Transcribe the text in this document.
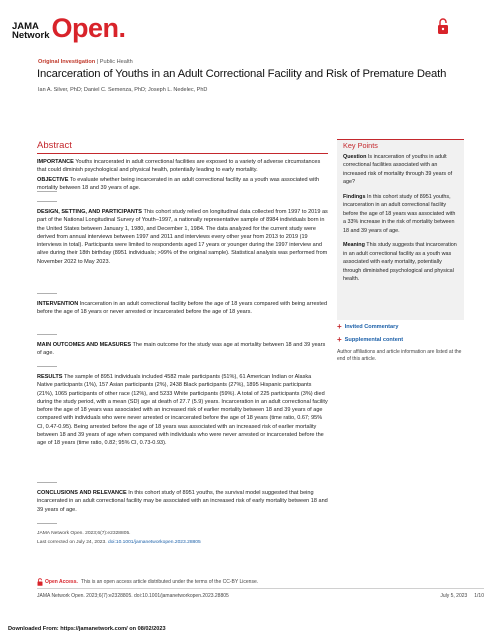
JAMA
Network Open.
Original Investigation | Public Health
Incarceration of Youths in an Adult Correctional Facility and Risk of Premature Death
Ian A. Silver, PhD; Daniel C. Semenza, PhD; Joseph L. Nedelec, PhD
Abstract

IMPORTANCE Youths incarcerated in adult correctional facilities are exposed to a variety of adverse circumstances that could diminish psychological and physical health, potentially leading to early mortality.

OBJECTIVE To evaluate whether being incarcerated in an adult correctional facility as a youth was associated with mortality between 18 and 39 years of age.

DESIGN, SETTING, AND PARTICIPANTS This cohort study relied on longitudinal data collected from 1997 to 2019 as part of the National Longitudinal Survey of Youth–1997, a nationally representative sample of 8984 individuals born in the United States between January 1, 1980, and December 1, 1984. The data analyzed for the current study were derived from annual interviews between 1997 and 2011 and interviews every other year from 2013 to 2019 (19 interviews in total). Participants were limited to respondents aged 17 years or younger during the 1997 interview and alive during their 18th birthday (8951 individuals; >99% of the original sample). Statistical analysis was performed from November 2022 to May 2023.

INTERVENTION Incarceration in an adult correctional facility before the age of 18 years compared with being arrested before the age of 18 years or never arrested or incarcerated before the age of 18 years.

MAIN OUTCOMES AND MEASURES The main outcome for the study was age at mortality between 18 and 39 years of age.

RESULTS The sample of 8951 individuals included 4582 male participants (51%), 61 American Indian or Alaska Native participants (1%), 157 Asian participants (2%), 2438 Black participants (27%), 1895 Hispanic participants (21%), 1065 participants of other race (12%), and 5233 White participants (59%). A total of 225 participants (3%) died during the study period, with a mean (SD) age at death of 27.7 (5.9) years. Incarceration in an adult correctional facility before the age of 18 years was associated with an increased risk of earlier mortality between 18 and 39 years of age compared with individuals who were never arrested or incarcerated before the age of 18 years (time ratio, 0.67; 95% CI, 0.47-0.95). Being arrested before the age of 18 years was associated with an increased risk of earlier mortality between 18 and 39 years of age when compared with individuals who were never arrested or incarcerated before the age of 18 years (time ratio, 0.82; 95% CI, 0.73-0.93).

CONCLUSIONS AND RELEVANCE In this cohort study of 8951 youths, the survival model suggested that being incarcerated in an adult correctional facility may be associated with an increased risk of early mortality between 18 and 39 years of age.

JAMA Network Open. 2023;6(7):e2328805.
Last corrected on July 24, 2023. doi:10.1001/jamanetworkopen.2023.28805
Key Points

Question Is incarceration of youths in adult correctional facilities associated with an increased risk of mortality through 39 years of age?

Findings In this cohort study of 8951 youths, incarceration in an adult correctional facility before the age of 18 years was associated with a 33% increase in the risk of mortality between 18 and 39 years of age.

Meaning This study suggests that incarceration in an adult correctional facility as a youth was associated with early mortality, potentially through diminished psychological and physical health.

+ Invited Commentary
+ Supplemental content
Author affiliations and article information are listed at the end of this article.
Open Access. This is an open access article distributed under the terms of the CC-BY License.
JAMA Network Open. 2023;6(7):e2328805. doi:10.1001/jamanetworkopen.2023.28805	July 5, 2023 1/10
Downloaded From: https://jamanetwork.com/ on 08/02/2023
